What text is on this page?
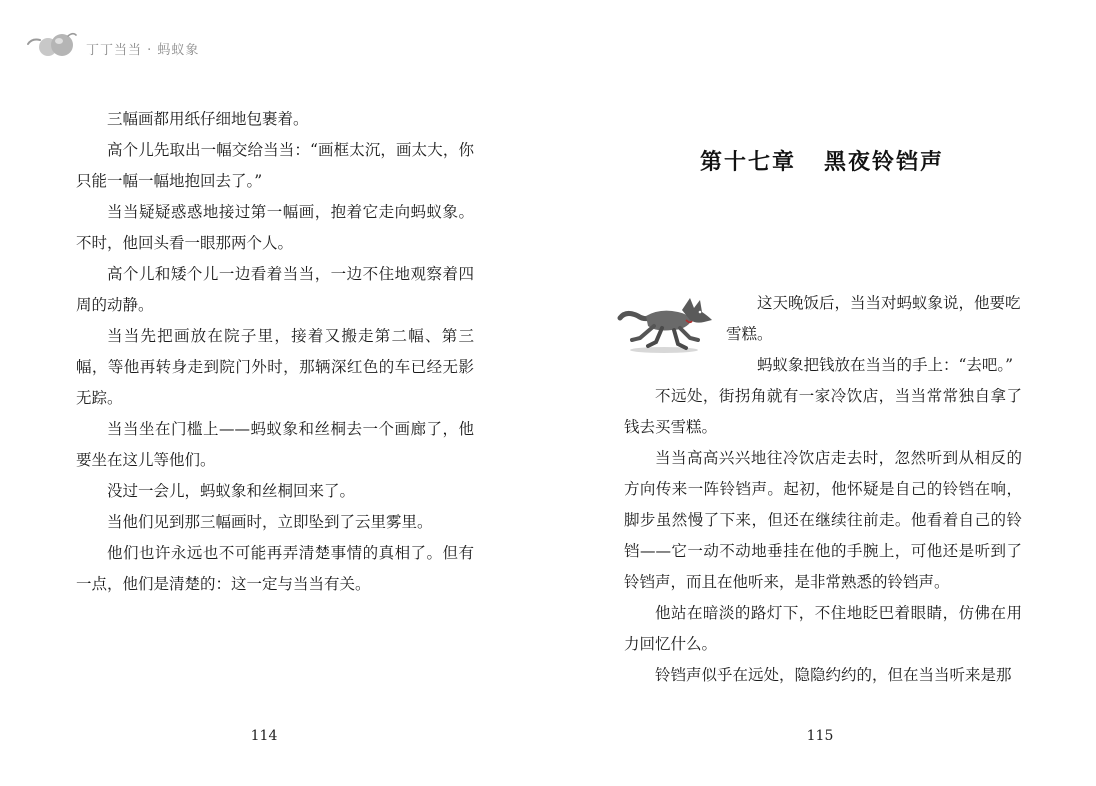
丁丁当当 · 蚂蚁象

三幅画都用纸仔细地包裹着。

高个儿先取出一幅交给当当：“画框太沉，画太大，你只能一幅一幅地抱回去了。”

当当疑疑惑惑地接过第一幅画，抱着它走向蚂蚁象。不时，他回头看一眼那两个人。

高个儿和矮个儿一边看着当当，一边不住地观察着四周的动静。

当当先把画放在院子里，接着又搬走第二幅、第三幅，等他再转身走到院门外时，那辆深红色的车已经无影无踪。

当当坐在门槛上——蚂蚁象和丝桐去一个画廊了，他要坐在这儿等他们。

没过一会儿，蚂蚁象和丝桐回来了。

当他们见到那三幅画时，立即坠到了云里雾里。

他们也许永远也不可能再弄清楚事情的真相了。但有一点，他们是清楚的：这一定与当当有关。

114
第十七章 黑夜铃铛声

这天晚饭后，当当对蚂蚁象说，他要吃雪糕。

蚂蚁象把钱放在当当的手上：“去吧。”

不远处，街拐角就有一家冷饮店，当当常常独自拿了钱去买雪糕。

当当高高兴兴地往冷饮店走去时，忽然听到从相反的方向传来一阵铃铛声。起初，他怀疑是自己的铃铛在响，脚步虽然慢了下来，但还在继续往前走。他看着自己的铃铛——它一动不动地垂挂在他的手腕上，可他还是听到了铃铛声，而且在他听来，是非常熟悉的铃铛声。

他站在暗淡的路灯下，不住地眨巴着眼睛，仿佛在用力回忆什么。

铃铛声似乎在远处，隐隐约约的，但在当当听来是那

115
